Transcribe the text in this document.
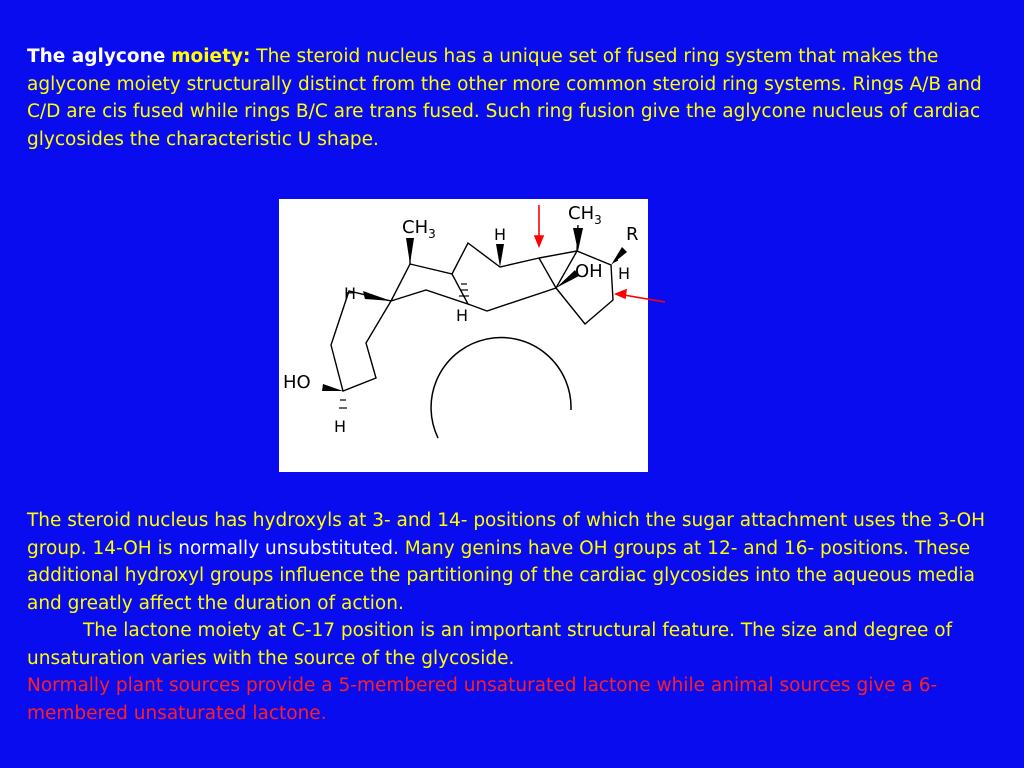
The aglycone moiety: The steroid nucleus has a unique set of fused ring system that makes the aglycone moiety structurally distinct from the other more common steroid ring systems. Rings A/B and C/D are cis fused while rings B/C are trans fused. Such ring fusion give the aglycone nucleus of cardiac glycosides the characteristic U shape.

$CH_3$
$CH_3$
H	R
OH H
H
H
HO
H

The steroid nucleus has hydroxyls at 3- and 14- positions of which the sugar attachment uses the 3-OH group. 14-OH is normally unsubstituted. Many genins have OH groups at 12- and 16- positions. These additional hydroxyl groups influence the partitioning of the cardiac glycosides into the aqueous media and greatly affect the duration of action.
The lactone moiety at C-17 position is an important structural feature. The size and degree of unsaturation varies with the source of the glycoside.
Normally plant sources provide a 5-membered unsaturated lactone while animal sources give a 6-membered unsaturated lactone.
